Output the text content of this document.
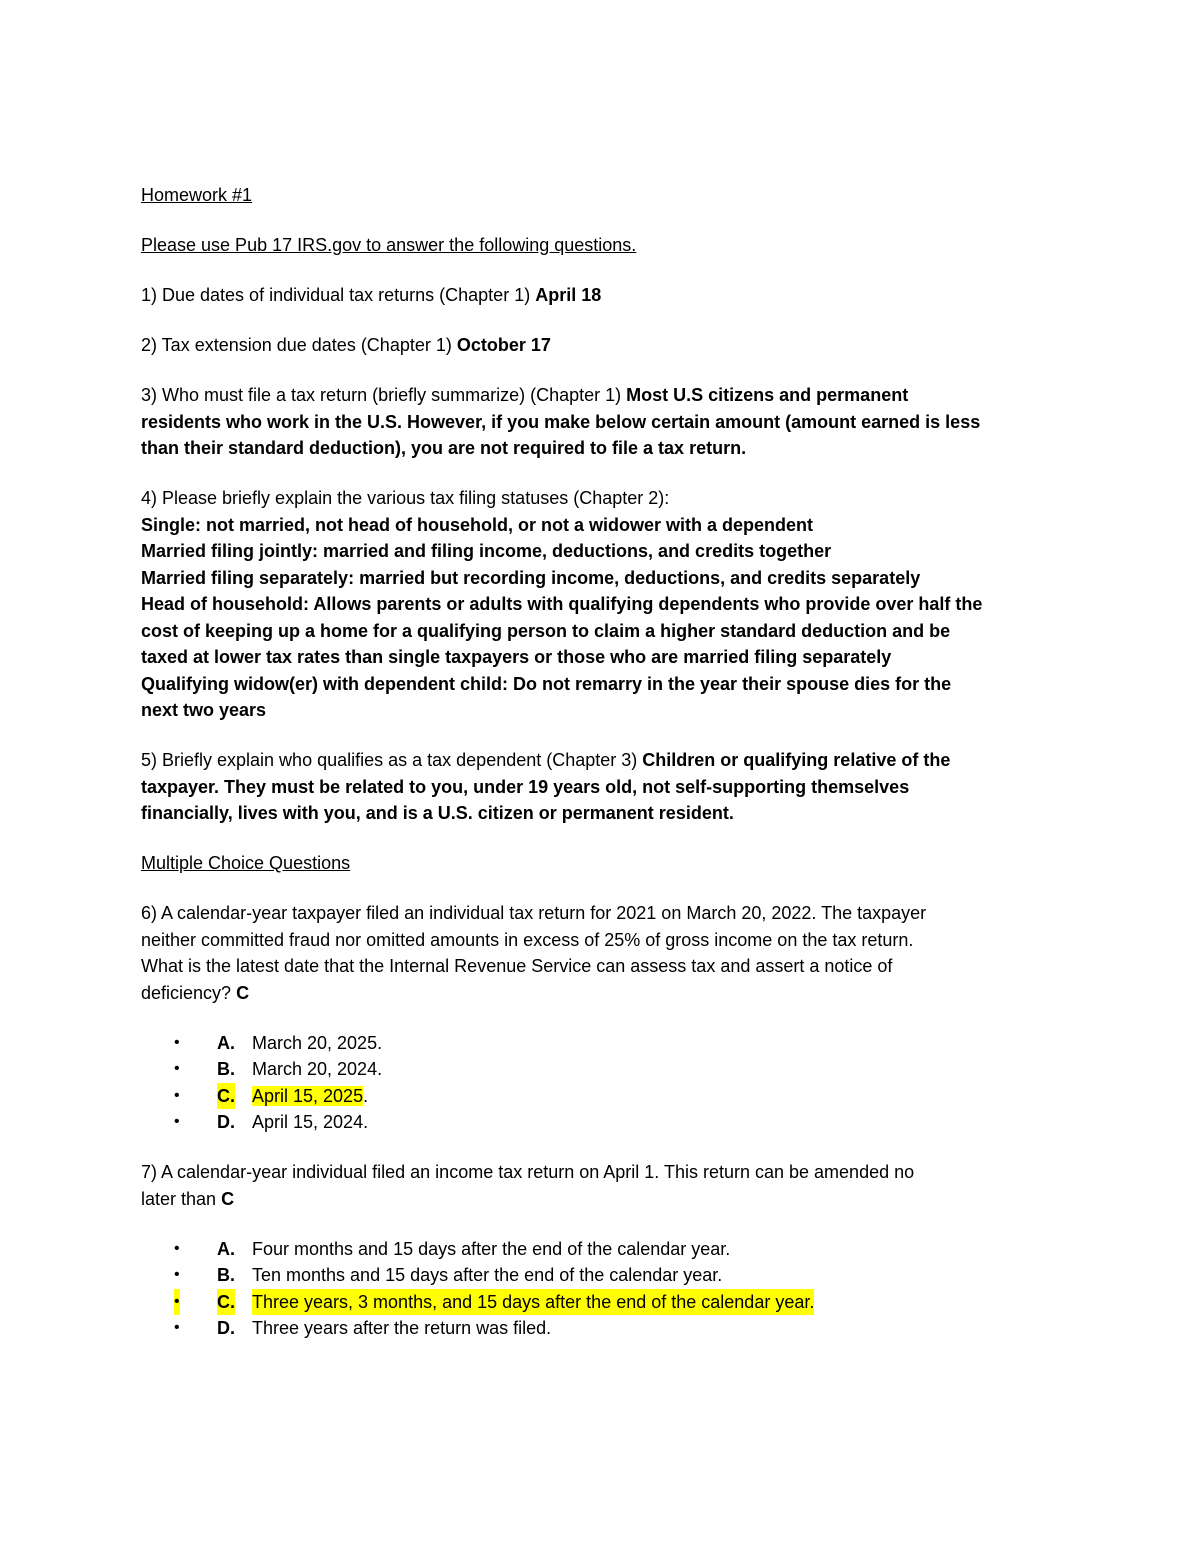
Homework #1
Please use Pub 17 IRS.gov to answer the following questions.
1) Due dates of individual tax returns (Chapter 1) April 18
2) Tax extension due dates (Chapter 1) October 17
3) Who must file a tax return (briefly summarize) (Chapter 1) Most U.S citizens and permanent
residents who work in the U.S. However, if you make below certain amount (amount earned is less
than their standard deduction), you are not required to file a tax return.
4) Please briefly explain the various tax filing statuses (Chapter 2):
Single: not married, not head of household, or not a widower with a dependent
Married filing jointly: married and filing income, deductions, and credits together
Married filing separately: married but recording income, deductions, and credits separately
Head of household: Allows parents or adults with qualifying dependents who provide over half the
cost of keeping up a home for a qualifying person to claim a higher standard deduction and be
taxed at lower tax rates than single taxpayers or those who are married filing separately
Qualifying widow(er) with dependent child: Do not remarry in the year their spouse dies for the
next two years
5) Briefly explain who qualifies as a tax dependent (Chapter 3) Children or qualifying relative of the
taxpayer. They must be related to you, under 19 years old, not self-supporting themselves
financially, lives with you, and is a U.S. citizen or permanent resident.
Multiple Choice Questions
6) A calendar-year taxpayer filed an individual tax return for 2021 on March 20, 2022. The taxpayer
neither committed fraud nor omitted amounts in excess of 25% of gross income on the tax return.
What is the latest date that the Internal Revenue Service can assess tax and assert a notice of
deficiency? C
• A. March 20, 2025.
• B. March 20, 2024.
• C. April 15, 2025.
• D. April 15, 2024.
7) A calendar-year individual filed an income tax return on April 1. This return can be amended no
later than C
• A. Four months and 15 days after the end of the calendar year.
• B. Ten months and 15 days after the end of the calendar year.
• C. Three years, 3 months, and 15 days after the end of the calendar year.
• D. Three years after the return was filed.
